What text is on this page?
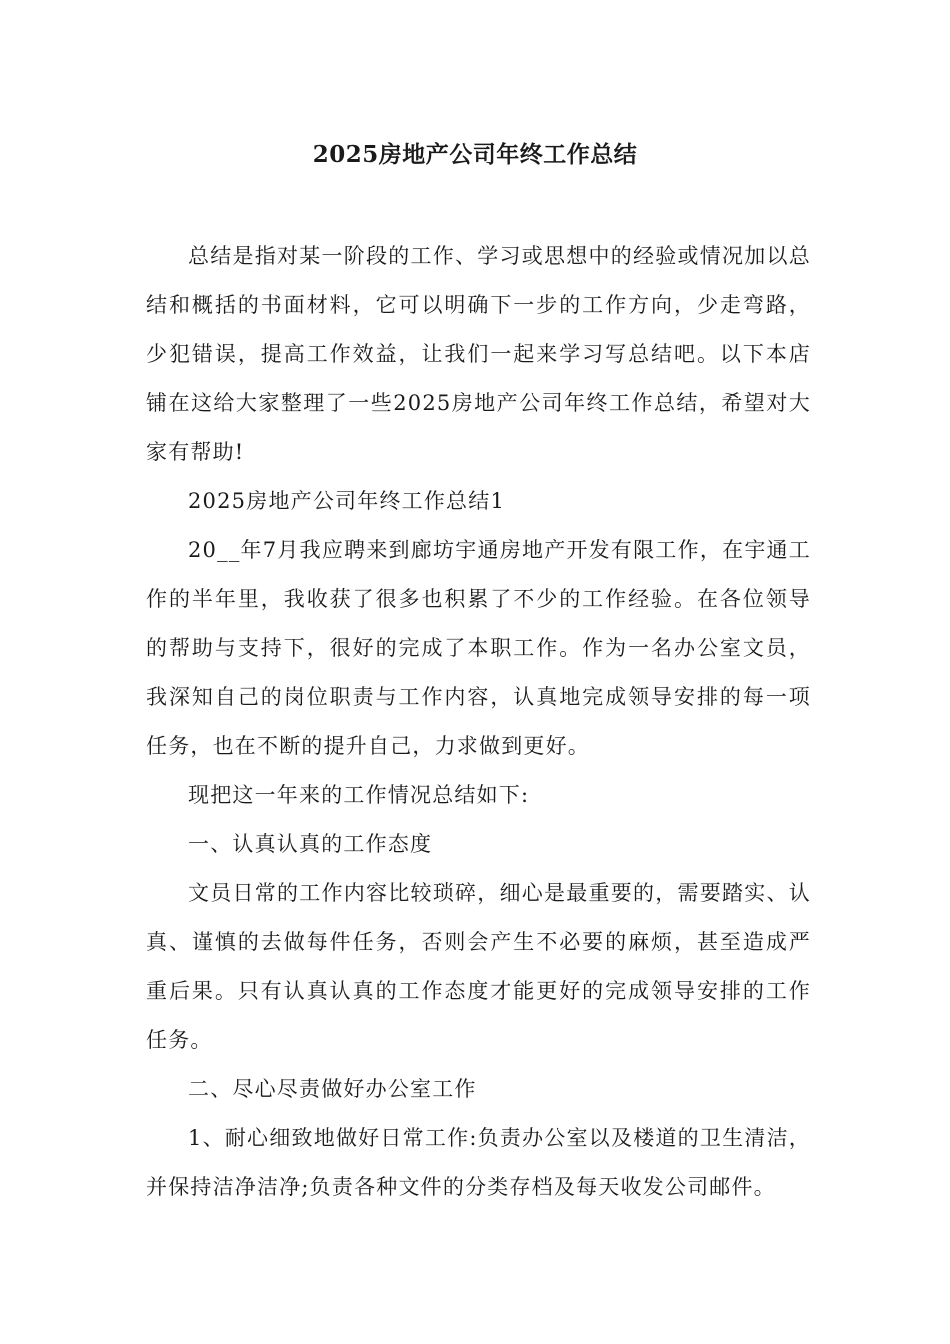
2025房地产公司年终工作总结

总结是指对某一阶段的工作、学习或思想中的经验或情况加以总结和概括的书面材料，它可以明确下一步的工作方向，少走弯路，少犯错误，提高工作效益，让我们一起来学习写总结吧。以下本店铺在这给大家整理了一些2025房地产公司年终工作总结，希望对大家有帮助!

2025房地产公司年终工作总结1

20__年7月我应聘来到廊坊宇通房地产开发有限工作，在宇通工作的半年里，我收获了很多也积累了不少的工作经验。在各位领导的帮助与支持下，很好的完成了本职工作。作为一名办公室文员，我深知自己的岗位职责与工作内容，认真地完成领导安排的每一项任务，也在不断的提升自己，力求做到更好。

现把这一年来的工作情况总结如下:

一、认真认真的工作态度

文员日常的工作内容比较琐碎，细心是最重要的，需要踏实、认真、谨慎的去做每件任务，否则会产生不必要的麻烦，甚至造成严重后果。只有认真认真的工作态度才能更好的完成领导安排的工作任务。

二、尽心尽责做好办公室工作

1、耐心细致地做好日常工作:负责办公室以及楼道的卫生清洁，并保持洁净洁净;负责各种文件的分类存档及每天收发公司邮件。
